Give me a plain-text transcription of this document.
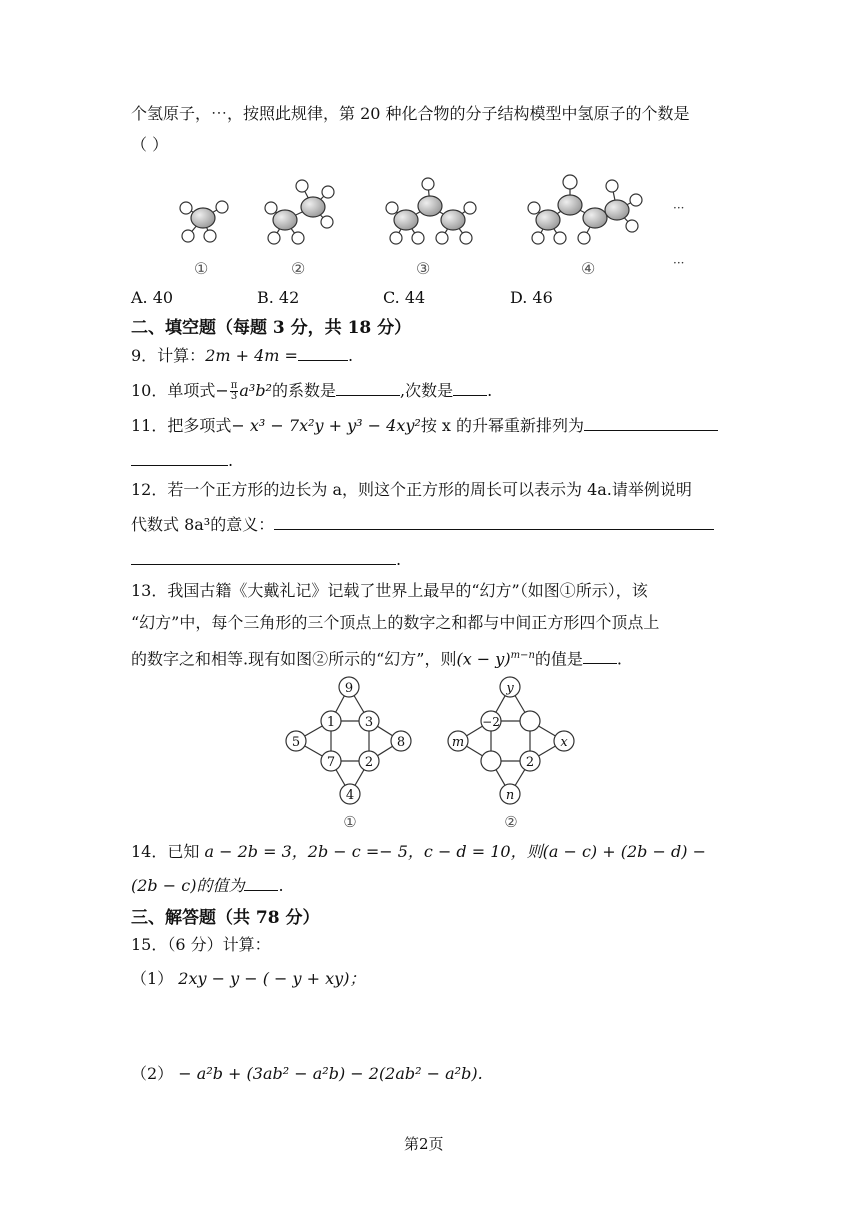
个氢原子，⋯，按照此规律，第 20 种化合物的分子结构模型中氢原子的个数是
（ ）
···
①	②	③	④	···
A. 40	B. 42	C. 44	D. 46
二、填空题（每题 3 分，共 18 分）
9．计算：2m + 4m =	.
10．单项式− $\frac{\pi}{3} a^3b^2$的系数是	,次数是 .
11．把多项式− x³ − 7x²y + y³ − 4xy²按 x 的升幂重新排列为
.
12．若一个正方形的边长为 a，则这个正方形的周长可以表示为 4a.请举例说明
代数式 8a³的意义：
.
13．我国古籍《大戴礼记》记载了世界上最早的“幻方”（如图①所示），该
“幻方”中，每个三角形的三个顶点上的数字之和都与中间正方形四个顶点上
的数字之和相等.现有如图②所示的“幻方”，则$(x - y)^{m-n}$的值是 .
9
1 3
5	8
7 2
4
①
y
−2
m	x
2
n
②
14．已知 a − 2b = 3，2b − c =− 5，c − d = 10，则(a − c) + (2b − d) −
(2b − c)的值为 .
三、解答题（共 78 分）
15．（6 分）计算：
（1） 2xy − y − ( − y + xy)；
（2） − a²b + (3ab² − a²b) − 2(2ab² − a²b).
第2页
